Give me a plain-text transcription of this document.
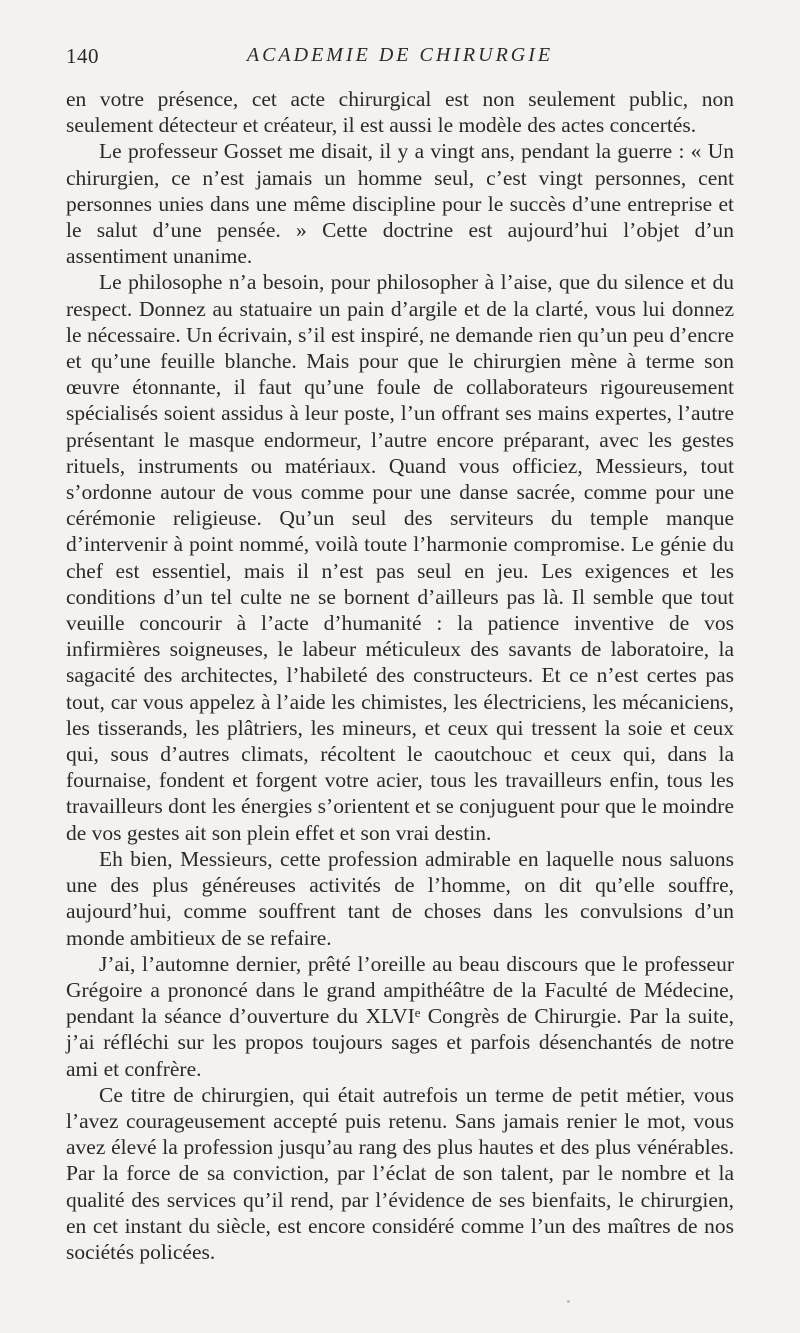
140	ACADEMIE DE CHIRURGIE

en votre présence, cet acte chirurgical est non seulement public, non seulement détecteur et créateur, il est aussi le modèle des actes concertés.

Le professeur Gosset me disait, il y a vingt ans, pendant la guerre : « Un chirurgien, ce n’est jamais un homme seul, c’est vingt personnes, cent personnes unies dans une même discipline pour le succès d’une entreprise et le salut d’une pensée. » Cette doctrine est aujourd’hui l’objet d’un assentiment unanime.

Le philosophe n’a besoin, pour philosopher à l’aise, que du silence et du respect. Donnez au statuaire un pain d’argile et de la clarté, vous lui donnez le nécessaire. Un écrivain, s’il est inspiré, ne demande rien qu’un peu d’encre et qu’une feuille blanche. Mais pour que le chirurgien mène à terme son œuvre étonnante, il faut qu’une foule de collaborateurs rigoureusement spécialisés soient assidus à leur poste, l’un offrant ses mains expertes, l’autre présentant le masque endormeur, l’autre encore préparant, avec les gestes rituels, instruments ou matériaux. Quand vous officiez, Messieurs, tout s’ordonne autour de vous comme pour une danse sacrée, comme pour une cérémonie religieuse. Qu’un seul des serviteurs du temple manque d’intervenir à point nommé, voilà toute l’harmonie compromise. Le génie du chef est essentiel, mais il n’est pas seul en jeu. Les exigences et les conditions d’un tel culte ne se bornent d’ailleurs pas là. Il semble que tout veuille concourir à l’acte d’humanité : la patience inventive de vos infirmières soigneuses, le labeur méticuleux des savants de laboratoire, la sagacité des architectes, l’habileté des constructeurs. Et ce n’est certes pas tout, car vous appelez à l’aide les chimistes, les électriciens, les mécaniciens, les tisserands, les plâtriers, les mineurs, et ceux qui tressent la soie et ceux qui, sous d’autres climats, récoltent le caoutchouc et ceux qui, dans la fournaise, fondent et forgent votre acier, tous les travailleurs enfin, tous les travailleurs dont les énergies s’orientent et se conjuguent pour que le moindre de vos gestes ait son plein effet et son vrai destin.

Eh bien, Messieurs, cette profession admirable en laquelle nous saluons une des plus généreuses activités de l’homme, on dit qu’elle souffre, aujourd’hui, comme souffrent tant de choses dans les convulsions d’un monde ambitieux de se refaire.

J’ai, l’automne dernier, prêté l’oreille au beau discours que le professeur Grégoire a prononcé dans le grand ampithéâtre de la Faculté de Médecine, pendant la séance d’ouverture du XLVIᵉ Congrès de Chirurgie. Par la suite, j’ai réfléchi sur les propos toujours sages et parfois désenchantés de notre ami et confrère.

Ce titre de chirurgien, qui était autrefois un terme de petit métier, vous l’avez courageusement accepté puis retenu. Sans jamais renier le mot, vous avez élevé la profession jusqu’au rang des plus hautes et des plus vénérables. Par la force de sa conviction, par l’éclat de son talent, par le nombre et la qualité des services qu’il rend, par l’évidence de ses bienfaits, le chirurgien, en cet instant du siècle, est encore considéré comme l’un des maîtres de nos sociétés policées.
